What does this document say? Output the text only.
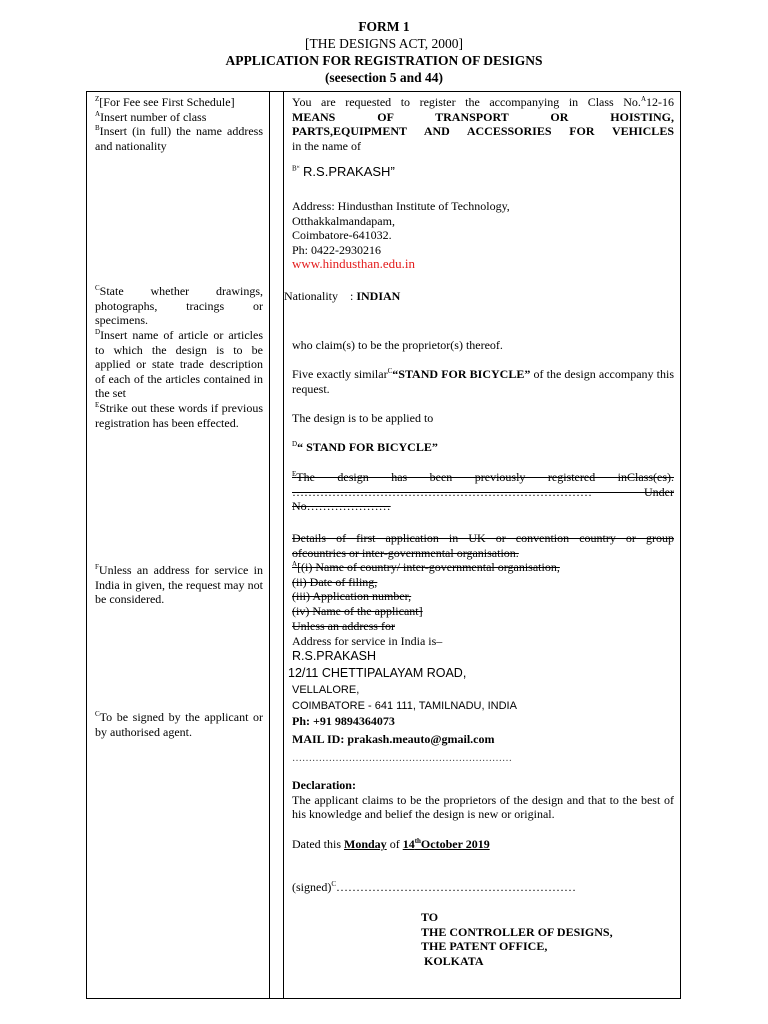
FORM 1
[THE DESIGNS ACT, 2000]
APPLICATION FOR REGISTRATION OF DESIGNS
(seesection 5 and 44)
$^Z$[For Fee see First Schedule]
$^A$Insert number of class
$^B$Insert (in full) the name address and nationality
$^C$State whether drawings, photographs, tracings or specimens.
$^D$Insert name of article or articles to which the design is to be applied or state trade description of each of the articles contained in the set
$^E$Strike out these words if previous registration has been effected.
$^F$Unless an address for service in India in given, the request may not be considered.
$^C$To be signed by the applicant or by authorised agent.
You are requested to register the accompanying in Class No.$^A$12-16
MEANS OF TRANSPORT OR HOISTING,
PARTS,EQUIPMENT AND ACCESSORIES FOR VEHICLES
in the name of
$^{B“}$ R.S.PRAKASH”
Address: Hindusthan Institute of Technology,
Otthakkalmandapam,
Coimbatore-641032.
Ph: 0422-2930216
www.hindusthan.edu.in
Nationality : INDIAN
who claim(s) to be the proprietor(s) thereof.
Five exactly similar$^C$“STAND FOR BICYCLE” of the design accompany this request.
The design is to be applied to
$^D$“ STAND FOR BICYCLE”
$^E$The design has been previously registered inClass(es).
………………………………………………………………… Under
No…………………
Details of first application in UK or convention country or group
ofcountries or inter-governmental organisation.
$^A$[(i) Name of country/ inter-governmental organisation,
(ii) Date of filing,
(iii) Application number,
(iv) Name of the applicant]
Unless an address for
Address for service in India is–
R.S.PRAKASH
12/11 CHETTIPALAYAM ROAD,
VELLALORE,
COIMBATORE - 641 111, TAMILNADU, INDIA
Ph: +91 9894364073
MAIL ID: prakash.meauto@gmail.com
…………………………………………………………
Declaration:
The applicant claims to be the proprietors of the design and that to the best of his knowledge and belief the design is new or original.
Dated this Monday of 14thOctober 2019
(signed)$^C$……………………………………………………
TO
THE CONTROLLER OF DESIGNS,
THE PATENT OFFICE,
KOLKATA
